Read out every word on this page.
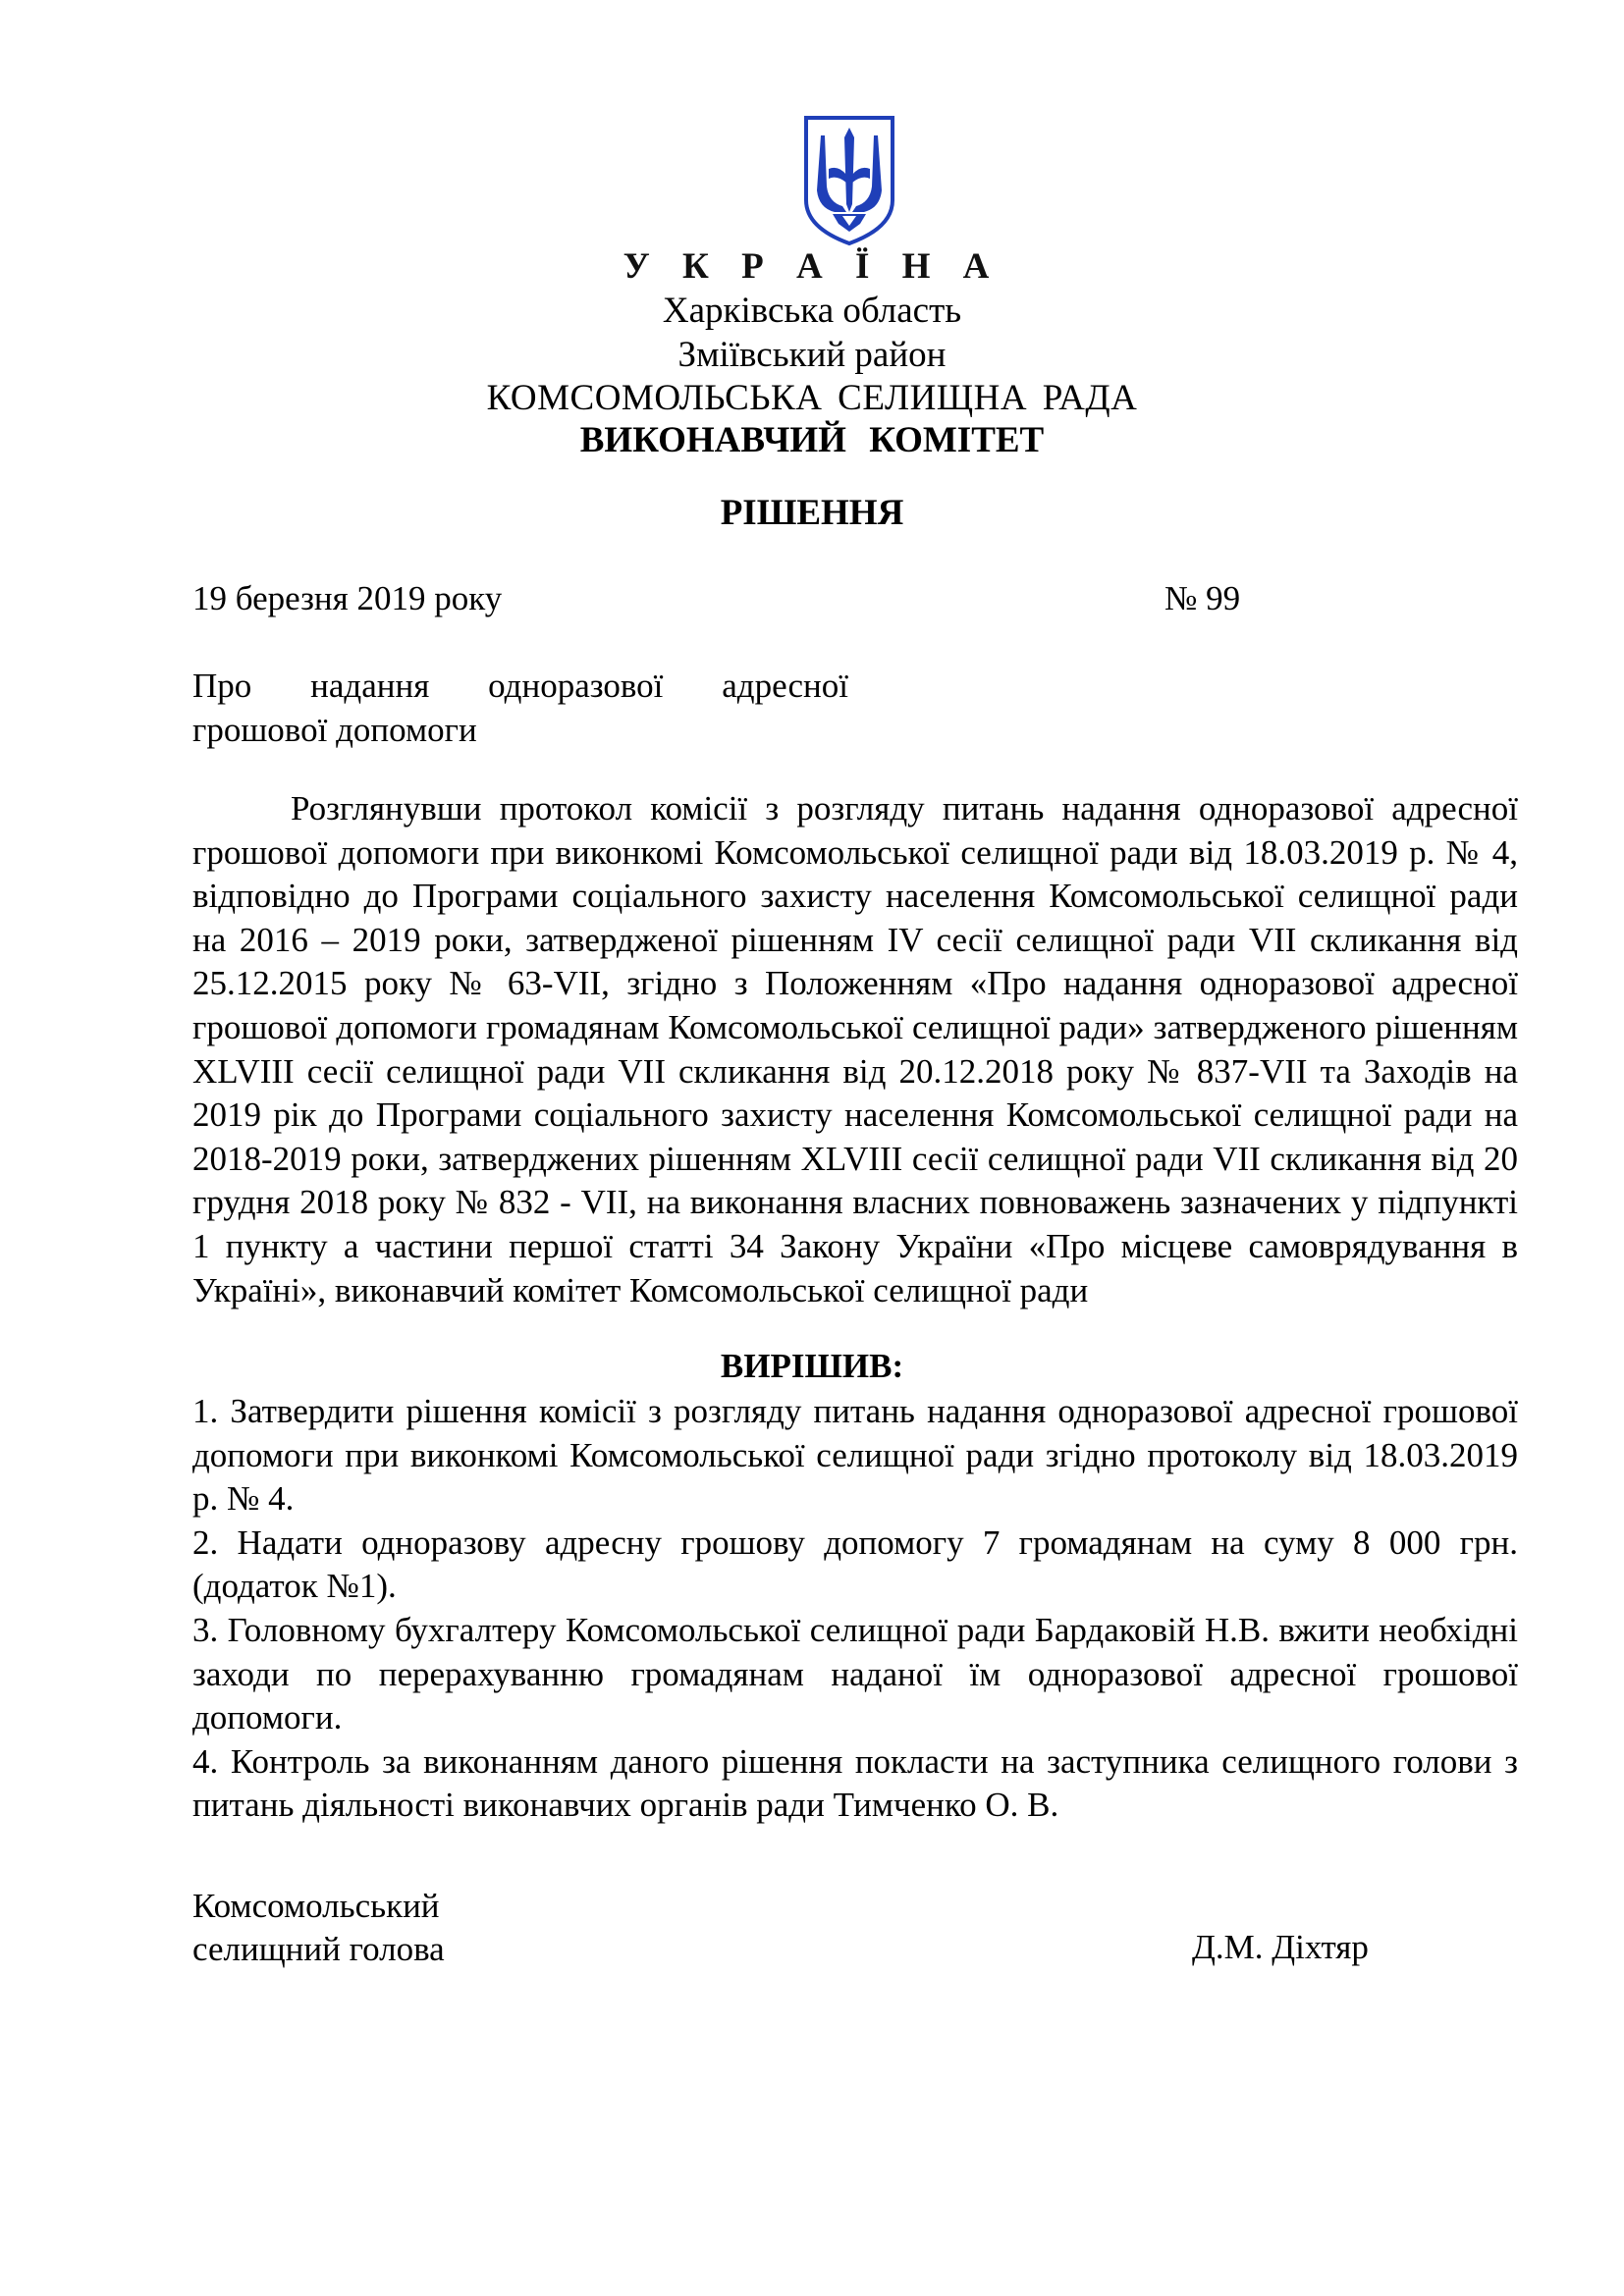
У К Р А Ї Н А
Харківська область
Зміївський район
КОМСОМОЛЬСЬКА СЕЛИЩНА РАДА
ВИКОНАВЧИЙ КОМІТЕТ
РІШЕННЯ
19 березня 2019 року	№ 99
Про надання одноразової адресної
грошової допомоги
Розглянувши протокол комісії з розгляду питань надання одноразової адресної грошової допомоги при виконкомі Комсомольської селищної ради від 18.03.2019 р. № 4, відповідно до Програми соціального захисту населення Комсомольської селищної ради на 2016 – 2019 роки, затвердженої рішенням IV сесії селищної ради VII скликання від 25.12.2015 року № 63-VII, згідно з Положенням «Про надання одноразової адресної грошової допомоги громадянам Комсомольської селищної ради» затвердженого рішенням XLVIII сесії селищної ради VII скликання від 20.12.2018 року № 837-VII та Заходів на 2019 рік до Програми соціального захисту населення Комсомольської селищної ради на 2018-2019 роки, затверджених рішенням XLVIII сесії селищної ради VII скликання від 20 грудня 2018 року № 832 - VII, на виконання власних повноважень зазначених у підпункті 1 пункту а частини першої статті 34 Закону України «Про місцеве самоврядування в Україні», виконавчий комітет Комсомольської селищної ради
ВИРІШИВ:

1. Затвердити рішення комісії з розгляду питань надання одноразової адресної грошової допомоги при виконкомі Комсомольської селищної ради згідно протоколу від 18.03.2019 р. № 4.

2. Надати одноразову адресну грошову допомогу 7 громадянам на суму 8 000 грн. (додаток №1).

3. Головному бухгалтеру Комсомольської селищної ради Бардаковій Н.В. вжити необхідні заходи по перерахуванню громадянам наданої їм одноразової адресної грошової допомоги.

4. Контроль за виконанням даного рішення покласти на заступника селищного голови з питань діяльності виконавчих органів ради Тимченко О. В.

Комсомольський
селищний голова	Д.М. Діхтяр
